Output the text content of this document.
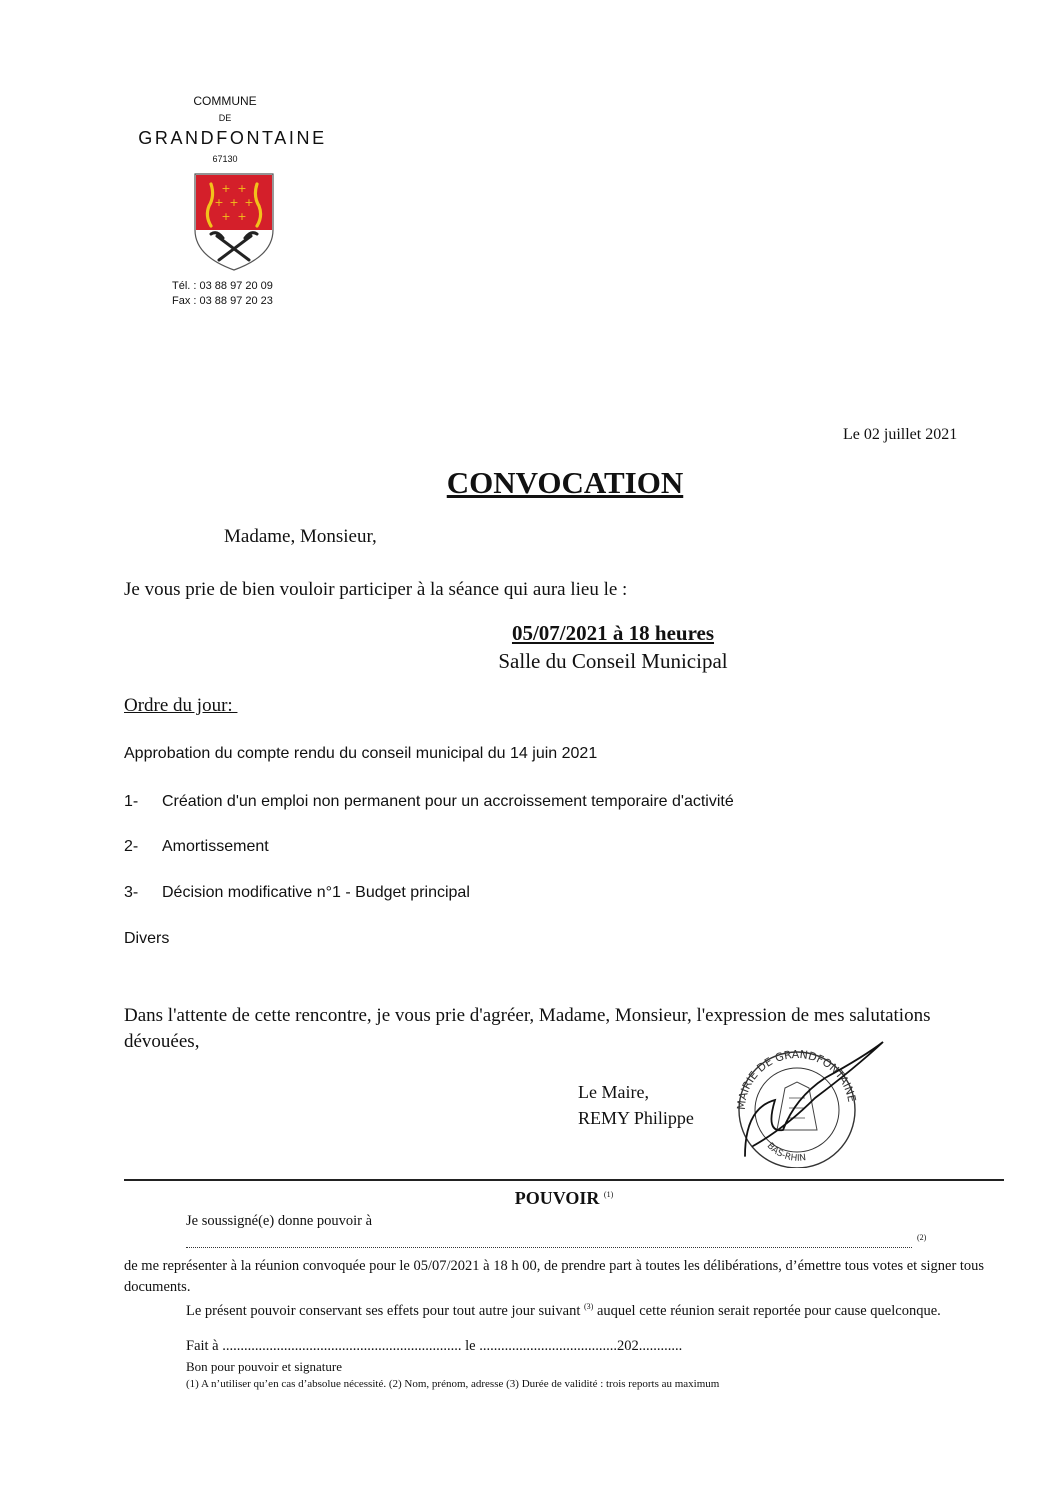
COMMUNE
DE
GRANDFONTAINE
67130
+ +
+ + +
+ +
Tél. : 03 88 97 20 09
Fax : 03 88 97 20 23
Le 02 juillet 2021
CONVOCATION
Madame, Monsieur,
Je vous prie de bien vouloir participer à la séance qui aura lieu le :
05/07/2021 à 18 heures
Salle du Conseil Municipal
Ordre du jour:
Approbation du compte rendu du conseil municipal du 14 juin 2021
1- Création d'un emploi non permanent pour un accroissement temporaire d'activité
2- Amortissement
3- Décision modificative n°1 - Budget principal
Divers
Dans l'attente de cette rencontre, je vous prie d'agréer, Madame, Monsieur, l'expression de mes salutations dévouées,
Le Maire,
REMY Philippe
MAIRIE DE GRANDFONTAINE
BAS-RHIN
POUVOIR $^{(1)}$
Je soussigné(e) donne pouvoir à
(2)
de me représenter à la réunion convoquée pour le 05/07/2021 à 18 h 00, de prendre part à toutes les délibérations, d’émettre tous votes et signer tous documents.
Le présent pouvoir conservant ses effets pour tout autre jour suivant $^{(3)}$ auquel cette réunion serait reportée pour cause quelconque.
Fait à .................................................................. le ......................................202............
Bon pour pouvoir et signature
(1) A n’utiliser qu’en cas d’absolue nécessité. (2) Nom, prénom, adresse (3) Durée de validité : trois reports au maximum
